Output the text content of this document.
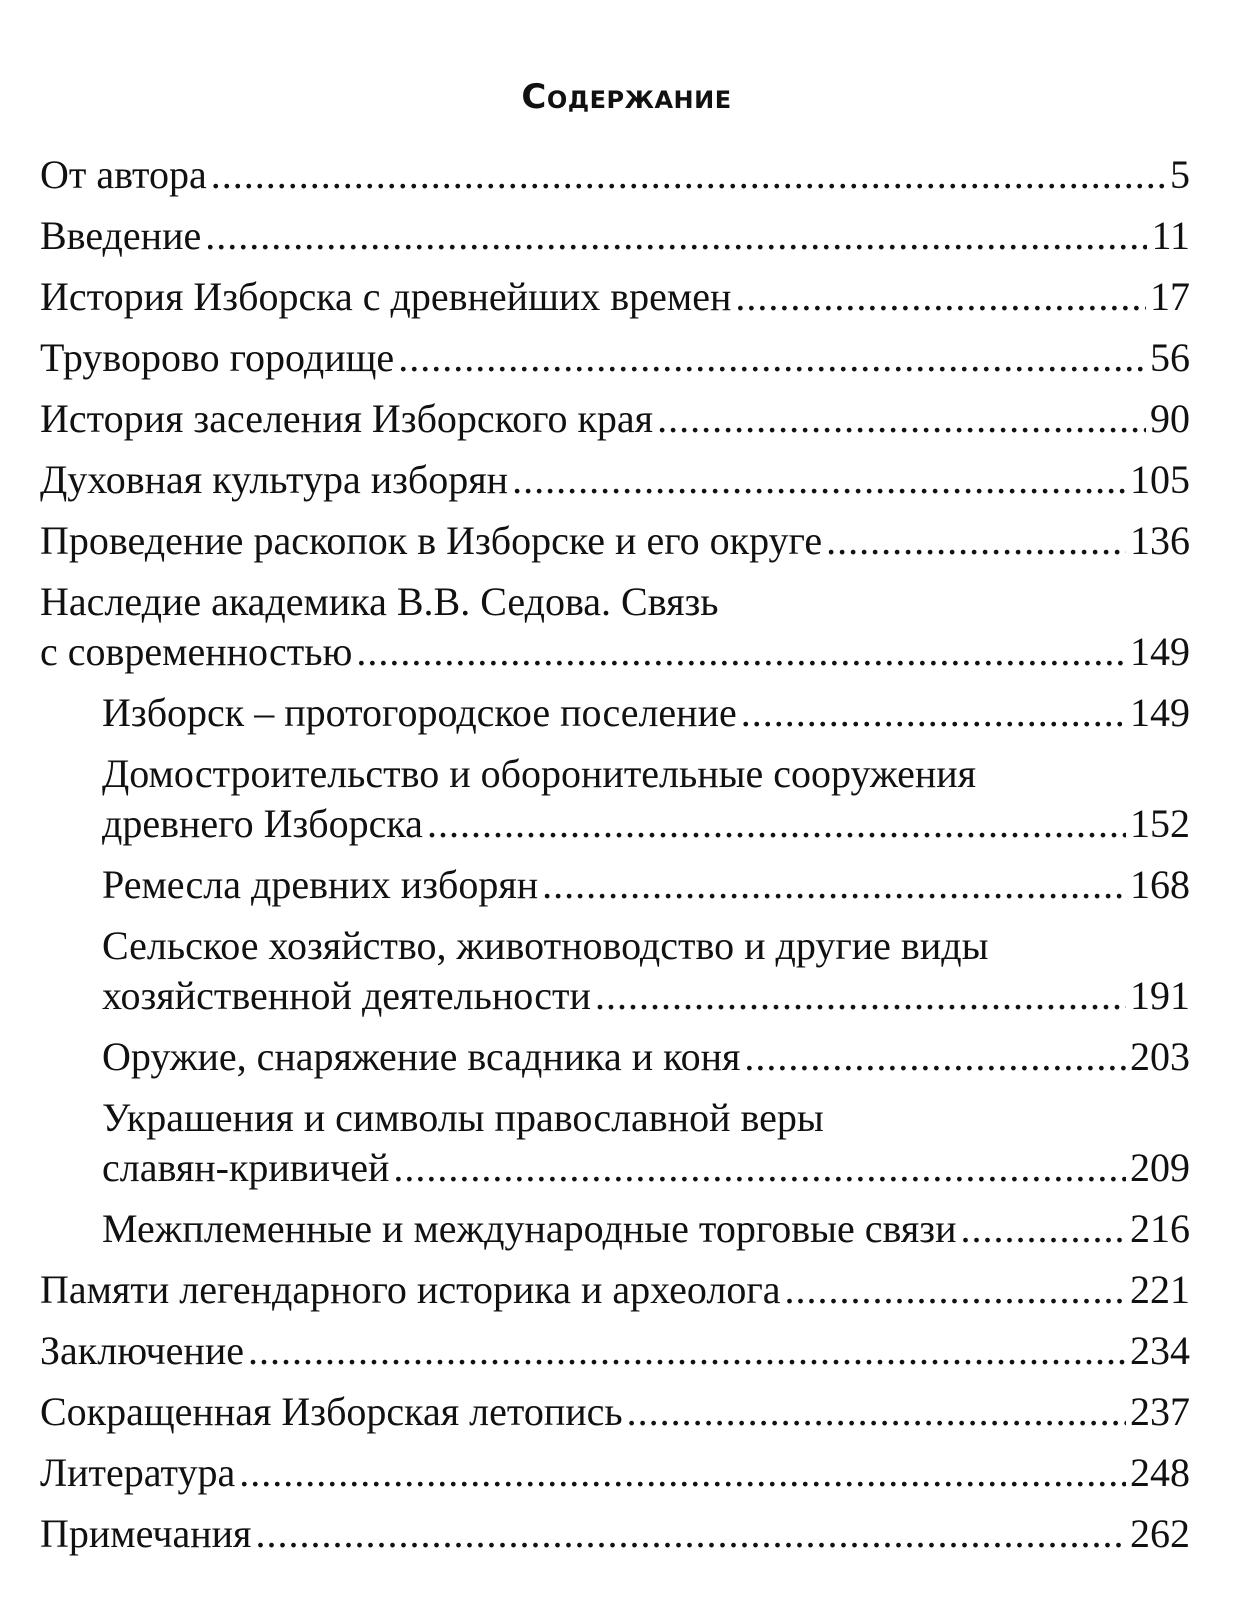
Содержание
От автора .....	5
Введение .....	11
История Изборска с древнейших времен .....	17
Труворово городище .....	56
История заселения Изборского края .....	90
Духовная культура изборян .....	105
Проведение раскопок в Изборске и его округе .....	136
Наследие академика В.В. Седова. Связь
с современностью .....	149
Изборск – протогородское поселение .....	149
Домостроительство и оборонительные сооружения
древнего Изборска .....	152
Ремесла древних изборян .....	168
Сельское хозяйство, животноводство и другие виды
хозяйственной деятельности .....	191
Оружие, снаряжение всадника и коня .....	203
Украшения и символы православной веры
славян-кривичей .....	209
Межплеменные и международные торговые связи .....	216
Памяти легендарного историка и археолога .....	221
Заключение .....	234
Сокращенная Изборская летопись .....	237
Литература .....	248
Примечания .....	262
